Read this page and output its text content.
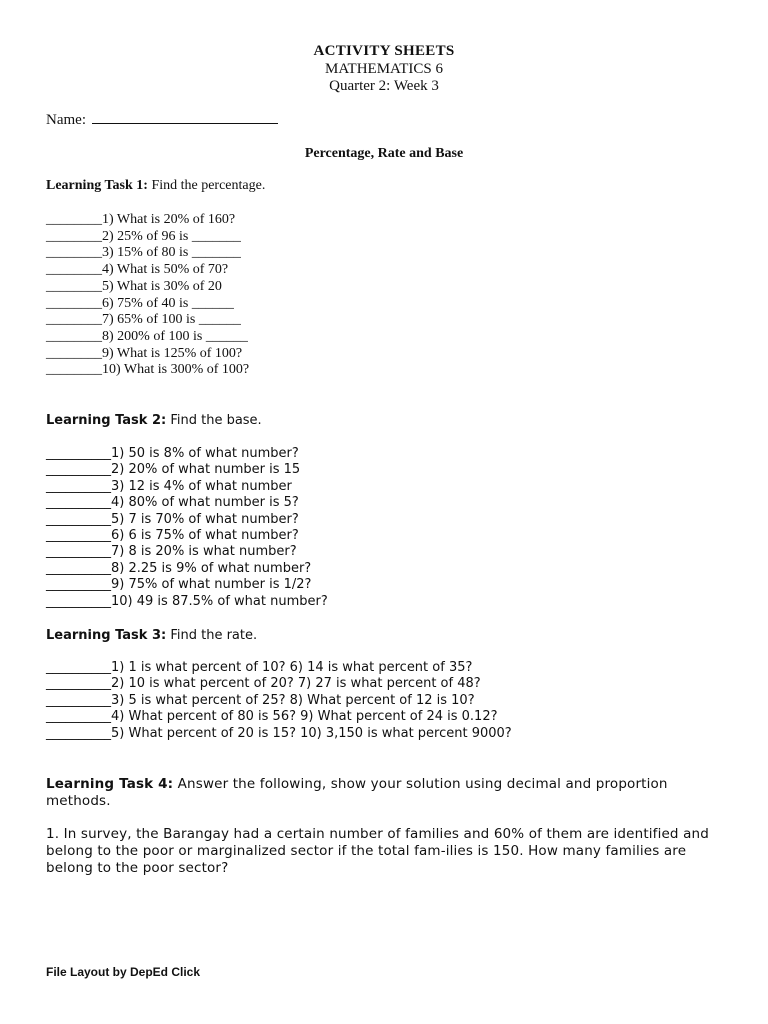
ACTIVITY SHEETS
MATHEMATICS 6
Quarter 2: Week 3
Name:
Percentage, Rate and Base
Learning Task 1: Find the percentage.
________1) What is 20% of 160?
________2) 25% of 96 is _______
________3) 15% of 80 is _______
________4) What is 50% of 70?
________5) What is 30% of 20
________6) 75% of 40 is ______
________7) 65% of 100 is ______
________8) 200% of 100 is ______
________9) What is 125% of 100?
________10) What is 300% of 100?
Learning Task 2: Find the base.
__________1) 50 is 8% of what number?
__________2) 20% of what number is 15
__________3) 12 is 4% of what number
__________4) 80% of what number is 5?
__________5) 7 is 70% of what number?
__________6) 6 is 75% of what number?
__________7) 8 is 20% is what number?
__________8) 2.25 is 9% of what number?
__________9) 75% of what number is 1/2?
__________10) 49 is 87.5% of what number?
Learning Task 3: Find the rate.
__________1) 1 is what percent of 10? 6) 14 is what percent of 35?
__________2) 10 is what percent of 20? 7) 27 is what percent of 48?
__________3) 5 is what percent of 25? 8) What percent of 12 is 10?
__________4) What percent of 80 is 56? 9) What percent of 24 is 0.12?
__________5) What percent of 20 is 15? 10) 3,150 is what percent 9000?
Learning Task 4: Answer the following, show your solution using decimal and proportion methods.
1. In survey, the Barangay had a certain number of families and 60% of them are identified and belong to the poor or marginalized sector if the total fam-ilies is 150. How many families are belong to the poor sector?
File Layout by DepEd Click
